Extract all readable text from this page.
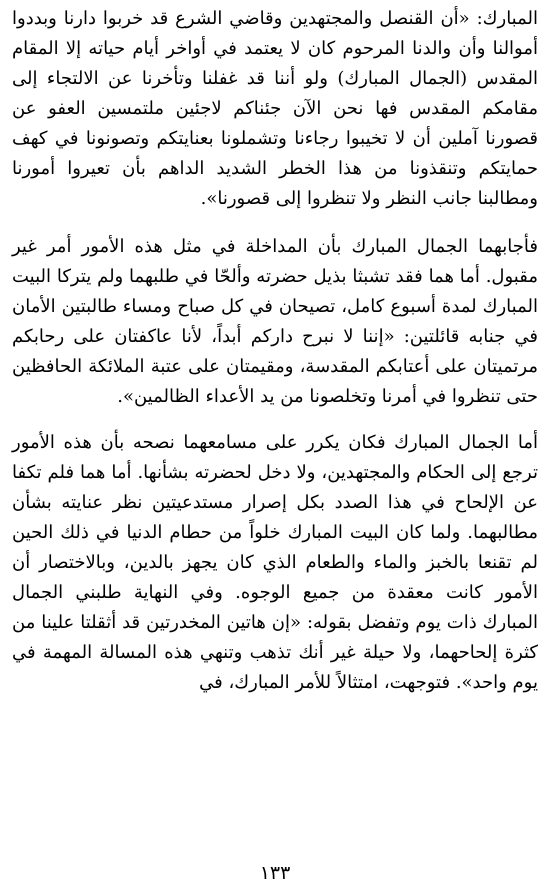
المبارك: «أن القنصل والمجتهدين وقاضي الشرع قد خربوا دارنا وبددوا أموالنا وأن والدنا المرحوم كان لا يعتمد في أواخر أيام حياته إلا المقام المقدس (الجمال المبارك) ولو أننا قد غفلنا وتأخرنا عن الالتجاء إلى مقامكم المقدس فها نحن الآن جئناكم لاجئين ملتمسين العفو عن قصورنا آملين أن لا تخيبوا رجاءنا وتشملونا بعنايتكم وتصونونا في كهف حمايتكم وتنقذونا من هذا الخطر الشديد الداهم بأن تعيروا أمورنا ومطالبنا جانب النظر ولا تنظروا إلى قصورنا».

فأجابهما الجمال المبارك بأن المداخلة في مثل هذه الأمور أمر غير مقبول. أما هما فقد تشبثا بذيل حضرته وألحّا في طلبهما ولم يتركا البيت المبارك لمدة أسبوع كامل، تصيحان في كل صباح ومساء طالبتين الأمان في جنابه قائلتين: «إننا لا نبرح داركم أبداً، لأنا عاكفتان على رحابكم مرتميتان على أعتابكم المقدسة، ومقيمتان على عتبة الملائكة الحافظين حتى تنظروا في أمرنا وتخلصونا من يد الأعداء الظالمين».

أما الجمال المبارك فكان يكرر على مسامعهما نصحه بأن هذه الأمور ترجع إلى الحكام والمجتهدين، ولا دخل لحضرته بشأنها. أما هما فلم تكفا عن الإلحاح في هذا الصدد بكل إصرار مستدعيتين نظر عنايته بشأن مطالبهما. ولما كان البيت المبارك خلواً من حطام الدنيا في ذلك الحين لم تقنعا بالخبز والماء والطعام الذي كان يجهز بالدين، وبالاختصار أن الأمور كانت معقدة من جميع الوجوه. وفي النهاية طلبني الجمال المبارك ذات يوم وتفضل بقوله: «إن هاتين المخدرتين قد أثقلتا علينا من كثرة إلحاحهما، ولا حيلة غير أنك تذهب وتنهي هذه المسالة المهمة في يوم واحد». فتوجهت، امتثالاً للأمر المبارك، في

١٣٣
